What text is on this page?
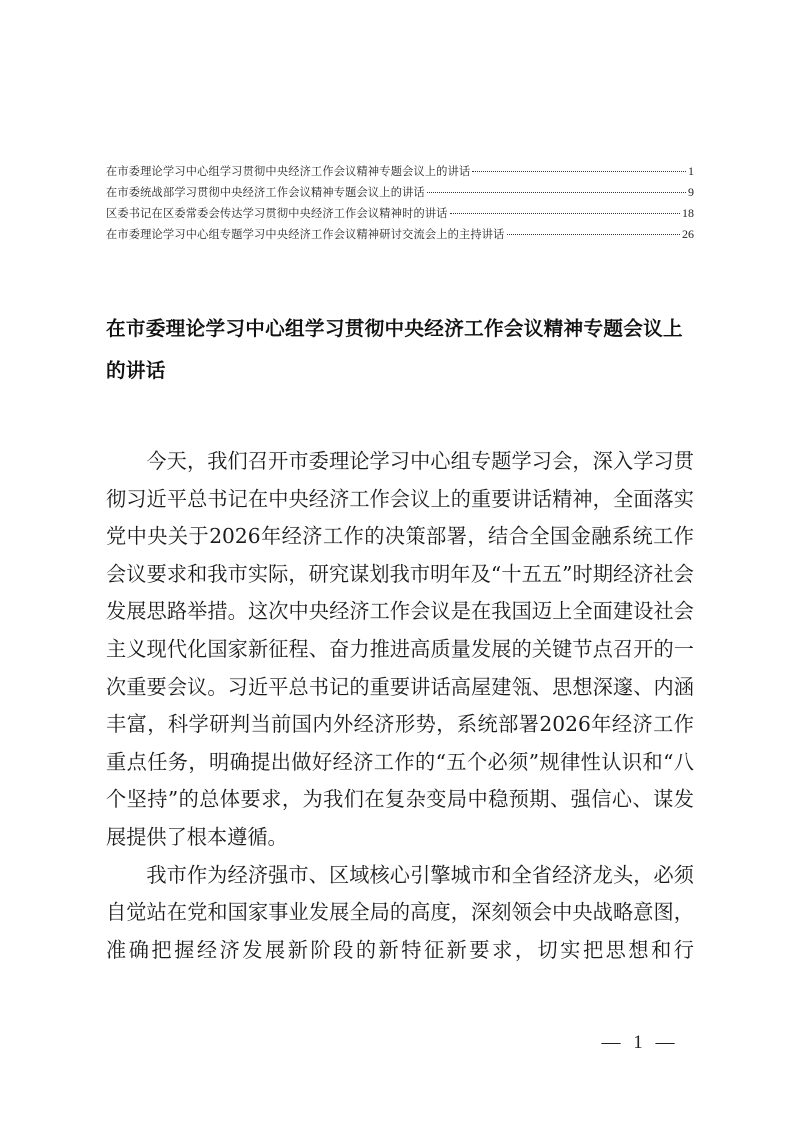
在市委理论学习中心组学习贯彻中央经济工作会议精神专题会议上的讲话	1
在市委统战部学习贯彻中央经济工作会议精神专题会议上的讲话	9
区委书记在区委常委会传达学习贯彻中央经济工作会议精神时的讲话	18
在市委理论学习中心组专题学习中央经济工作会议精神研讨交流会上的主持讲话	26
在市委理论学习中心组学习贯彻中央经济工作会议精神专题会议上的讲话

今天，我们召开市委理论学习中心组专题学习会，深入学习贯彻习近平总书记在中央经济工作会议上的重要讲话精神，全面落实党中央关于2026年经济工作的决策部署，结合全国金融系统工作会议要求和我市实际，研究谋划我市明年及“十五五”时期经济社会发展思路举措。这次中央经济工作会议是在我国迈上全面建设社会主义现代化国家新征程、奋力推进高质量发展的关键节点召开的一次重要会议。习近平总书记的重要讲话高屋建瓴、思想深邃、内涵丰富，科学研判当前国内外经济形势，系统部署2026年经济工作重点任务，明确提出做好经济工作的“五个必须”规律性认识和“八个坚持”的总体要求，为我们在复杂变局中稳预期、强信心、谋发展提供了根本遵循。

我市作为经济强市、区域核心引擎城市和全省经济龙头，必须自觉站在党和国家事业发展全局的高度，深刻领会中央战略意图，准确把握经济发展新阶段的新特征新要求，切实把思想和行

— 1 —
